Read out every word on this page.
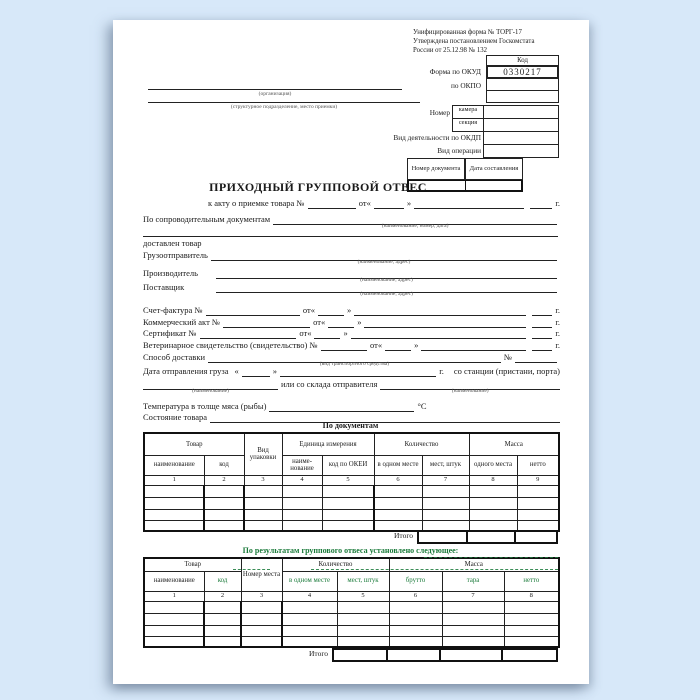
Унифицированная форма № ТОРГ-17
Утверждена постановлением Госкомстата
России от 25.12.98 № 132
Форма по ОКУД
по ОКПО
Код
0330217
(организация)
(структурное подразделение, место приемки)
Номер	камера
секция
Вид деятельности по ОКДП
Вид операции
Номер документа	Дата составления
ПРИХОДНЫЙ ГРУППОВОЙ ОТВЕС
к акту о приемке товара №	от «	»	г.
По сопроводительным документам
(наименование, номер, дата)
доставлен товар
Грузоотправитель
(наименование, адрес)
Производитель
(наименование, адрес)
Поставщик
(наименование, адрес)
Счет-фактура №	от «	»	г.
Коммерческий акт №	от «	»	г.
Сертификат №	от «	»	г.
Ветеринарное свидетельство (свидетельство) №	от «	»	г.
Способ доставки
(вид транспортного средства)
№
Дата отправления груза «	»	г. со станции (пристани, порта)
(наименование)
или со склада отправителя
(наименование)
Температура в толще мяса (рыбы)	°С
Состояние товара
По документам
Товар		Вид упаковки	Единица измерения		Количество		Масса	
наименование	код		наиме-нование	код по ОКЕИ	в одном месте	мест, штук	одного места	нетто
1	2	3	4	5	6	7	8	9

Итого
По результатам группового отвеса установлено следующее:
Товар		Номер места	Количество		Масса		
наименование	код		в одном месте	мест, штук	брутто	тара	нетто
1	2	3	4	5	6	7	8

Итого
